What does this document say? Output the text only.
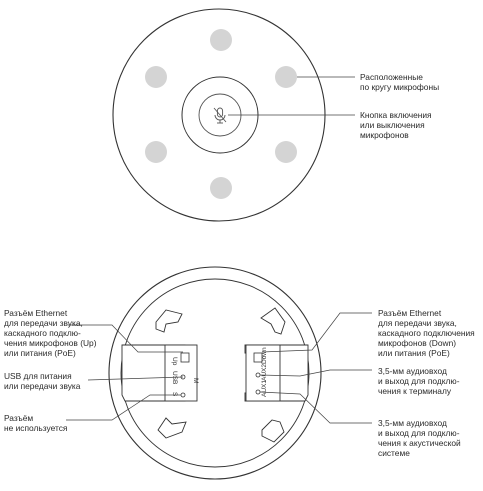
Up
USB M
S
Down
AUX2
AUX1
Расположенные
по кругу микрофоны
Кнопка включения
или выключения
микрофонов
Разъём Ethernet
для передачи звука,
каскадного подклю-
чения микрофонов (Up)
или питания (PoE)
USB для питания
или передачи звука
Разъём
не используется
Разъём Ethernet
для передачи звука,
каскадного подключения
микрофонов (Down)
или питания (PoE)
3,5-мм аудиовход
и выход для подклю-
чения к терминалу
3,5-мм аудиовход
и выход для подклю-
чения к акустической
системе
